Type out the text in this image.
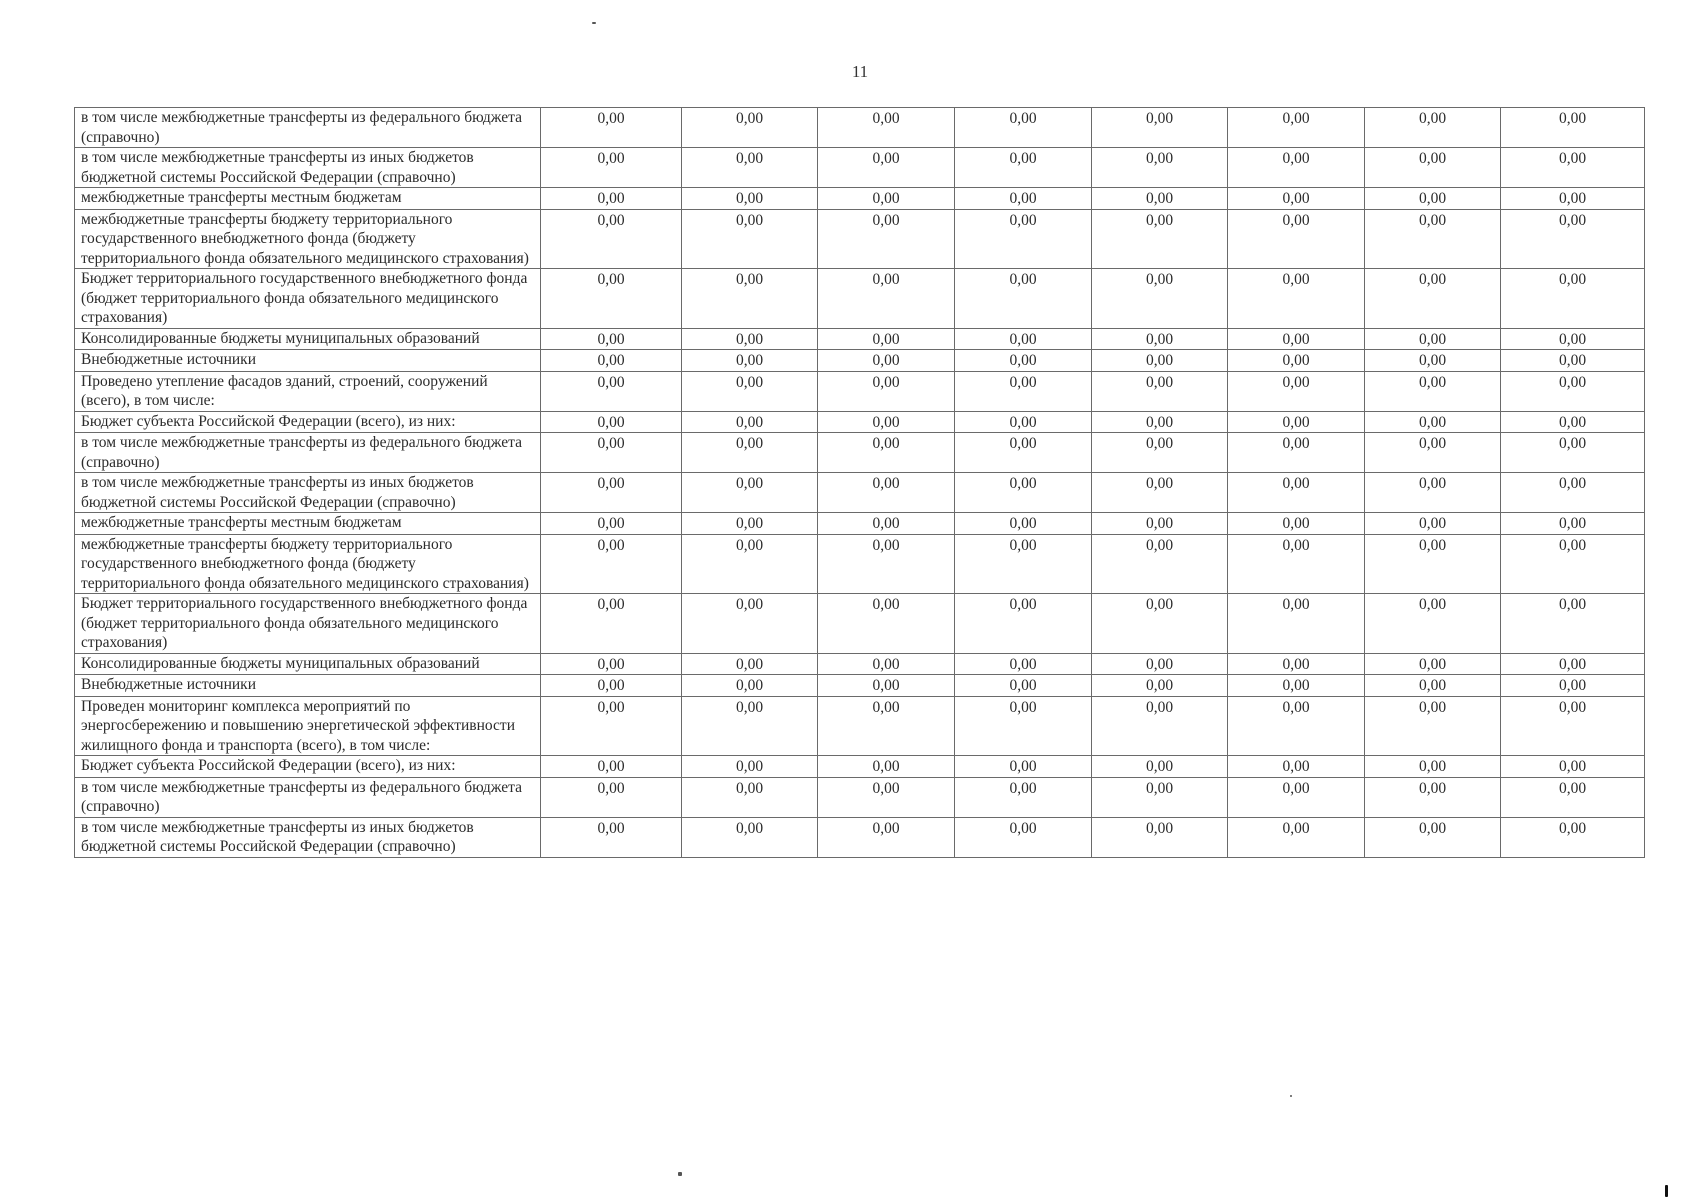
11
в том числе межбюджетные трансферты из федерального бюджета (справочно)	0,00	0,00	0,00	0,00	0,00	0,00	0,00	0,00
в том числе межбюджетные трансферты из иных бюджетов бюджетной системы Российской Федерации (справочно)	0,00	0,00	0,00	0,00	0,00	0,00	0,00	0,00
межбюджетные трансферты местным бюджетам	0,00	0,00	0,00	0,00	0,00	0,00	0,00	0,00
межбюджетные трансферты бюджету территориального государственного внебюджетного фонда (бюджету территориального фонда обязательного медицинского страхования)	0,00	0,00	0,00	0,00	0,00	0,00	0,00	0,00
Бюджет территориального государственного внебюджетного фонда (бюджет территориального фонда обязательного медицинского страхования)	0,00	0,00	0,00	0,00	0,00	0,00	0,00	0,00
Консолидированные бюджеты муниципальных образований	0,00	0,00	0,00	0,00	0,00	0,00	0,00	0,00
Внебюджетные источники	0,00	0,00	0,00	0,00	0,00	0,00	0,00	0,00
Проведено утепление фасадов зданий, строений, сооружений (всего), в том числе:	0,00	0,00	0,00	0,00	0,00	0,00	0,00	0,00
Бюджет субъекта Российской Федерации (всего), из них:	0,00	0,00	0,00	0,00	0,00	0,00	0,00	0,00
в том числе межбюджетные трансферты из федерального бюджета (справочно)	0,00	0,00	0,00	0,00	0,00	0,00	0,00	0,00
в том числе межбюджетные трансферты из иных бюджетов бюджетной системы Российской Федерации (справочно)	0,00	0,00	0,00	0,00	0,00	0,00	0,00	0,00
межбюджетные трансферты местным бюджетам	0,00	0,00	0,00	0,00	0,00	0,00	0,00	0,00
межбюджетные трансферты бюджету территориального государственного внебюджетного фонда (бюджету территориального фонда обязательного медицинского страхования)	0,00	0,00	0,00	0,00	0,00	0,00	0,00	0,00
Бюджет территориального государственного внебюджетного фонда (бюджет территориального фонда обязательного медицинского страхования)	0,00	0,00	0,00	0,00	0,00	0,00	0,00	0,00
Консолидированные бюджеты муниципальных образований	0,00	0,00	0,00	0,00	0,00	0,00	0,00	0,00
Внебюджетные источники	0,00	0,00	0,00	0,00	0,00	0,00	0,00	0,00
Проведен мониторинг комплекса мероприятий по энергосбережению и повышению энергетической эффективности жилищного фонда и транспорта (всего), в том числе:	0,00	0,00	0,00	0,00	0,00	0,00	0,00	0,00
Бюджет субъекта Российской Федерации (всего), из них:	0,00	0,00	0,00	0,00	0,00	0,00	0,00	0,00
в том числе межбюджетные трансферты из федерального бюджета (справочно)	0,00	0,00	0,00	0,00	0,00	0,00	0,00	0,00
в том числе межбюджетные трансферты из иных бюджетов бюджетной системы Российской Федерации (справочно)	0,00	0,00	0,00	0,00	0,00	0,00	0,00	0,00
